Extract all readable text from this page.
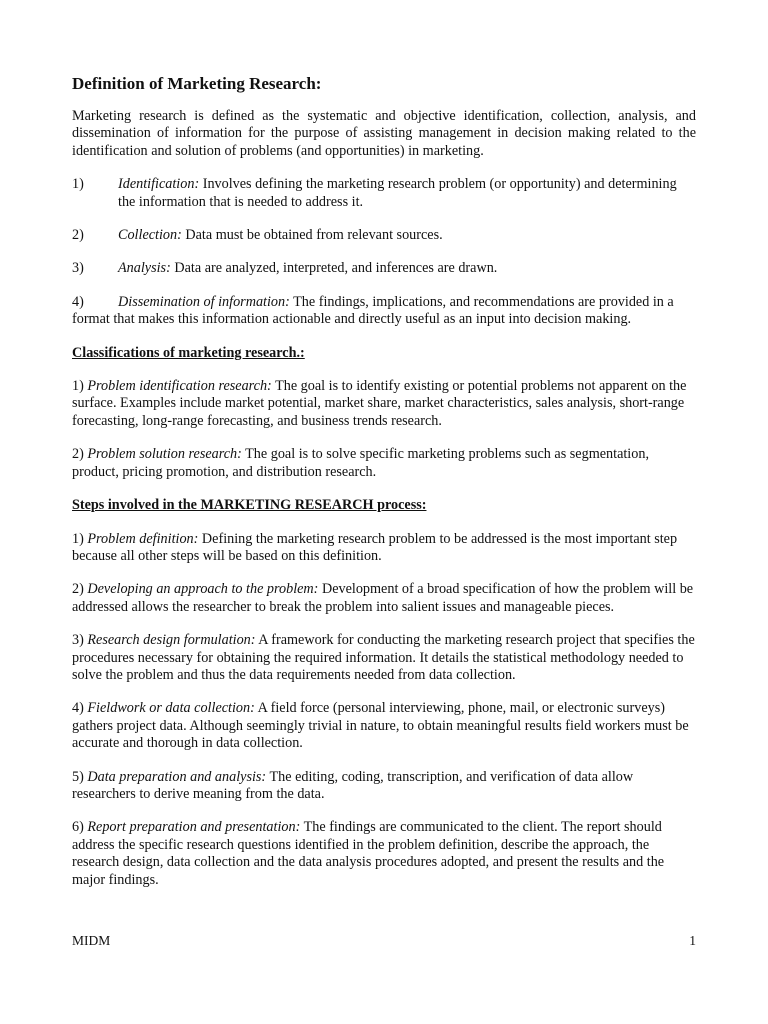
Definition of Marketing Research:

Marketing research is defined as the systematic and objective identification, collection, analysis, and dissemination of information for the purpose of assisting management in decision making related to the identification and solution of problems (and opportunities) in marketing.

1)	Identification: Involves defining the marketing research problem (or opportunity) and determining the information that is needed to address it.
2)	Collection: Data must be obtained from relevant sources.
3)	Analysis: Data are analyzed, interpreted, and inferences are drawn.

4) Dissemination of information: The findings, implications, and recommendations are provided in a format that makes this information actionable and directly useful as an input into decision making.

Classifications of marketing research.:

1) Problem identification research: The goal is to identify existing or potential problems not apparent on the surface. Examples include market potential, market share, market characteristics, sales analysis, short-range forecasting, long-range forecasting, and business trends research.

2) Problem solution research: The goal is to solve specific marketing problems such as segmentation, product, pricing promotion, and distribution research.

Steps involved in the MARKETING RESEARCH process:

1) Problem definition: Defining the marketing research problem to be addressed is the most important step because all other steps will be based on this definition.

2) Developing an approach to the problem: Development of a broad specification of how the problem will be addressed allows the researcher to break the problem into salient issues and manageable pieces.

3) Research design formulation: A framework for conducting the marketing research project that specifies the procedures necessary for obtaining the required information. It details the statistical methodology needed to solve the problem and thus the data requirements needed from data collection.

4) Fieldwork or data collection: A field force (personal interviewing, phone, mail, or electronic surveys) gathers project data. Although seemingly trivial in nature, to obtain meaningful results field workers must be accurate and thorough in data collection.

5) Data preparation and analysis: The editing, coding, transcription, and verification of data allow researchers to derive meaning from the data.

6) Report preparation and presentation: The findings are communicated to the client. The report should address the specific research questions identified in the problem definition, describe the approach, the research design, data collection and the data analysis procedures adopted, and present the results and the major findings.

MIDM	1
